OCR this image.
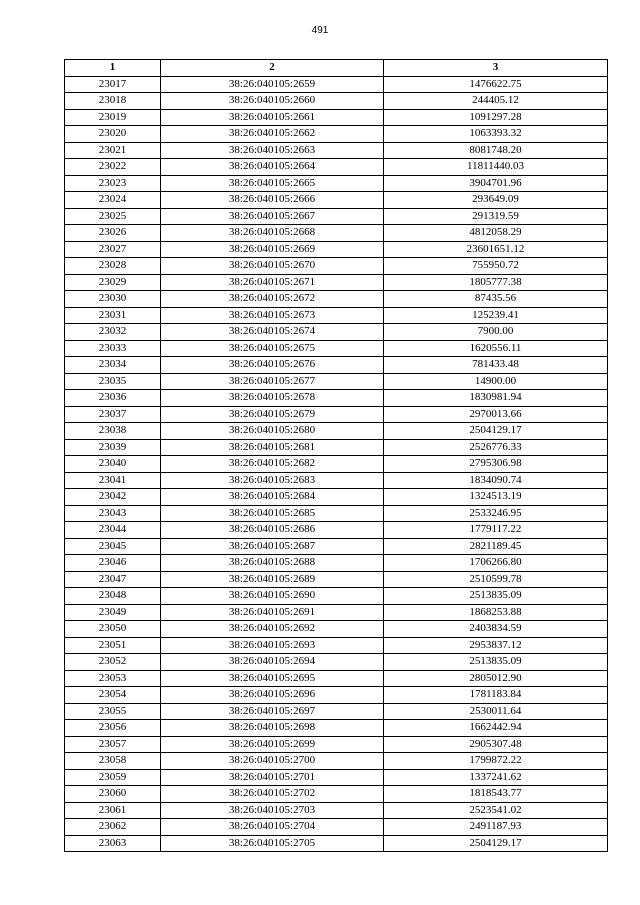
491
1	2	3
23017	38:26:040105:2659	1476622.75
23018	38:26:040105:2660	244405.12
23019	38:26:040105:2661	1091297.28
23020	38:26:040105:2662	1063393.32
23021	38:26:040105:2663	8081748.20
23022	38:26:040105:2664	11811440.03
23023	38:26:040105:2665	3904701.96
23024	38:26:040105:2666	293649.09
23025	38:26:040105:2667	291319.59
23026	38:26:040105:2668	4812058.29
23027	38:26:040105:2669	23601651.12
23028	38:26:040105:2670	755950.72
23029	38:26:040105:2671	1805777.38
23030	38:26:040105:2672	87435.56
23031	38:26:040105:2673	125239.41
23032	38:26:040105:2674	7900.00
23033	38:26:040105:2675	1620556.11
23034	38:26:040105:2676	781433.48
23035	38:26:040105:2677	14900.00
23036	38:26:040105:2678	1830981.94
23037	38:26:040105:2679	2970013.66
23038	38:26:040105:2680	2504129.17
23039	38:26:040105:2681	2526776.33
23040	38:26:040105:2682	2795306.98
23041	38:26:040105:2683	1834090.74
23042	38:26:040105:2684	1324513.19
23043	38:26:040105:2685	2533246.95
23044	38:26:040105:2686	1779117.22
23045	38:26:040105:2687	2821189.45
23046	38:26:040105:2688	1706266.80
23047	38:26:040105:2689	2510599.78
23048	38:26:040105:2690	2513835.09
23049	38:26:040105:2691	1868253.88
23050	38:26:040105:2692	2403834.59
23051	38:26:040105:2693	2953837.12
23052	38:26:040105:2694	2513835.09
23053	38:26:040105:2695	2805012.90
23054	38:26:040105:2696	1781183.84
23055	38:26:040105:2697	2530011.64
23056	38:26:040105:2698	1662442.94
23057	38:26:040105:2699	2905307.48
23058	38:26:040105:2700	1799872.22
23059	38:26:040105:2701	1337241.62
23060	38:26:040105:2702	1818543.77
23061	38:26:040105:2703	2523541.02
23062	38:26:040105:2704	2491187.93
23063	38:26:040105:2705	2504129.17
